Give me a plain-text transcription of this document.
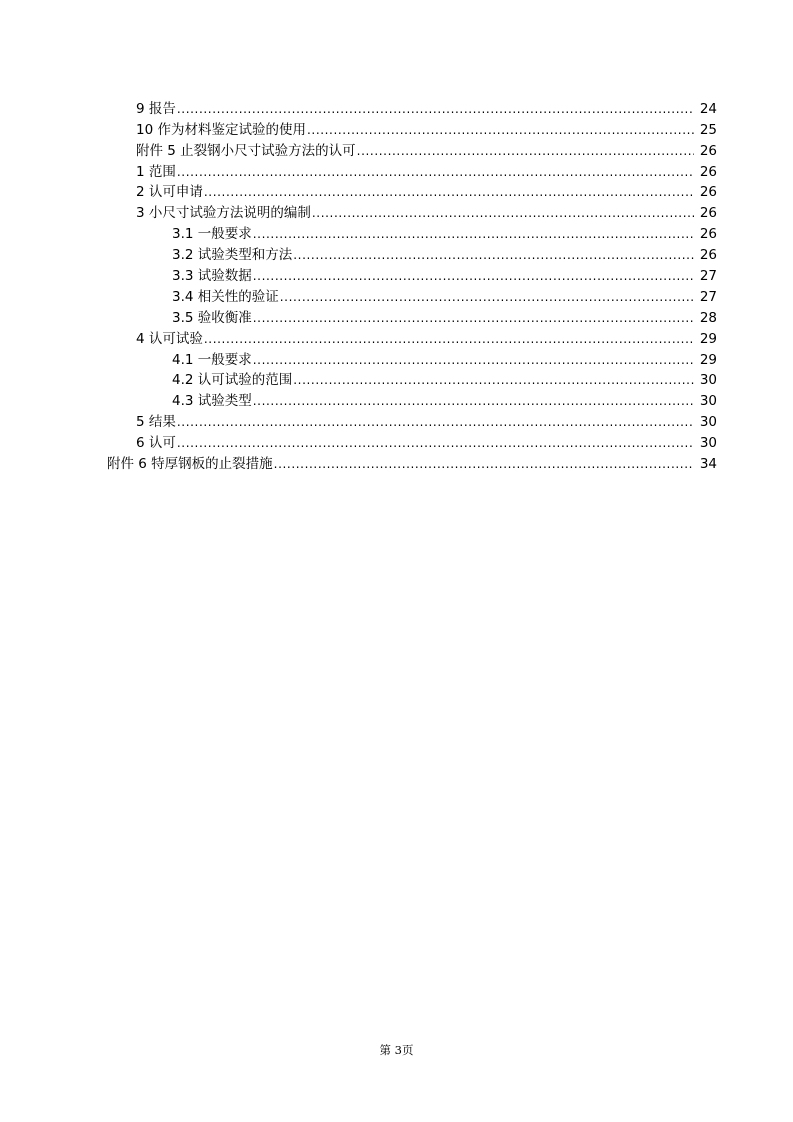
9 报告 .....	24
10 作为材料鉴定试验的使用 .....	25
附件 5 止裂钢小尺寸试验方法的认可 .....	26
1 范围 .....	26
2 认可申请 .....	26
3 小尺寸试验方法说明的编制 .....	26
3.1 一般要求 .....	26
3.2 试验类型和方法 .....	26
3.3 试验数据 .....	27
3.4 相关性的验证 .....	27
3.5 验收衡准 .....	28
4 认可试验 .....	29
4.1 一般要求 .....	29
4.2 认可试验的范围 .....	30
4.3 试验类型 .....	30
5 结果 .....	30
6 认可 .....	30
附件 6 特厚钢板的止裂措施 .....	34
第 3页
